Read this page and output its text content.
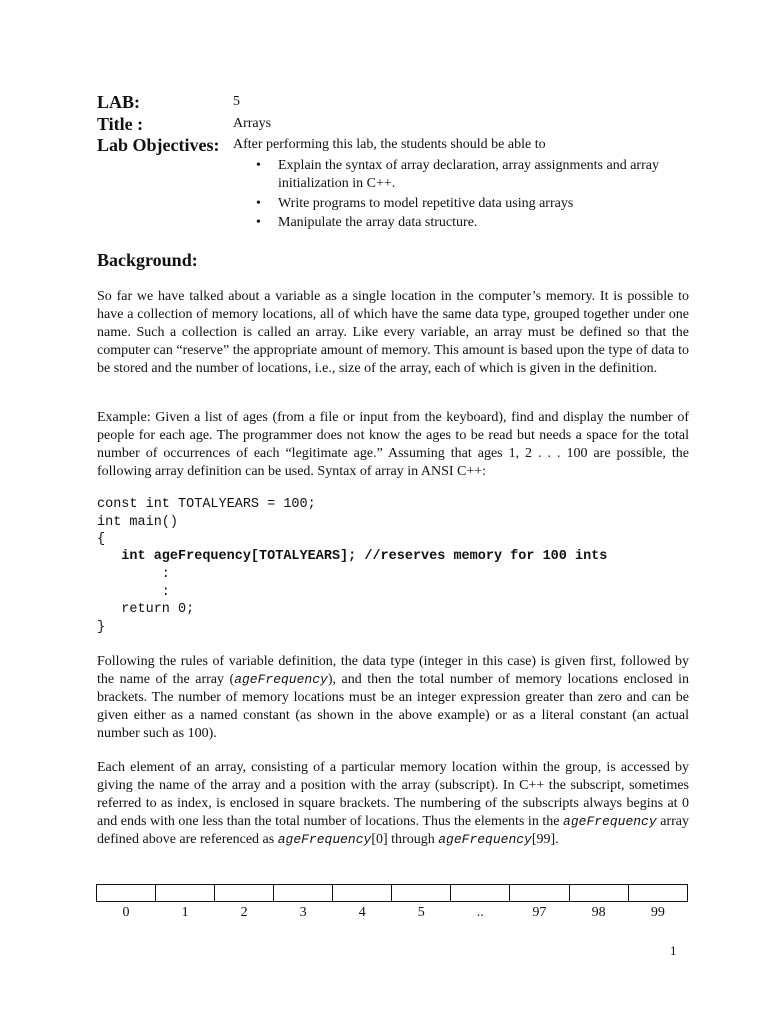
LAB:	5
Title :	Arrays
Lab Objectives: After performing this lab, the students should be able to
• Explain the syntax of array declaration, array assignments and array initialization in C++.
• Write programs to model repetitive data using arrays
• Manipulate the array data structure.
Background:

So far we have talked about a variable as a single location in the computer’s memory. It is possible to have a collection of memory locations, all of which have the same data type, grouped together under one name. Such a collection is called an array. Like every variable, an array must be defined so that the computer can “reserve” the appropriate amount of memory. This amount is based upon the type of data to be stored and the number of locations, i.e., size of the array, each of which is given in the definition.

Example: Given a list of ages (from a file or input from the keyboard), find and display the number of people for each age. The programmer does not know the ages to be read but needs a space for the total number of occurrences of each “legitimate age.” Assuming that ages 1, 2 . . . 100 are possible, the following array definition can be used. Syntax of array in ANSI C++:

const int TOTALYEARS = 100;
int main()
{
int ageFrequency[TOTALYEARS]; //reserves memory for 100 ints
:
:
return 0;
}

Following the rules of variable definition, the data type (integer in this case) is given first, followed by the name of the array (ageFrequency), and then the total number of memory locations enclosed in brackets. The number of memory locations must be an integer expression greater than zero and can be given either as a named constant (as shown in the above example) or as a literal constant (an actual number such as 100).

Each element of an array, consisting of a particular memory location within the group, is accessed by giving the name of the array and a position with the array (subscript). In C++ the subscript, sometimes referred to as index, is enclosed in square brackets. The numbering of the subscripts always begins at 0 and ends with one less than the total number of locations. Thus the elements in the ageFrequency array defined above are referenced as ageFrequency[0] through ageFrequency[99].

0	1	2	3	4	5	..	97	98	99
1
